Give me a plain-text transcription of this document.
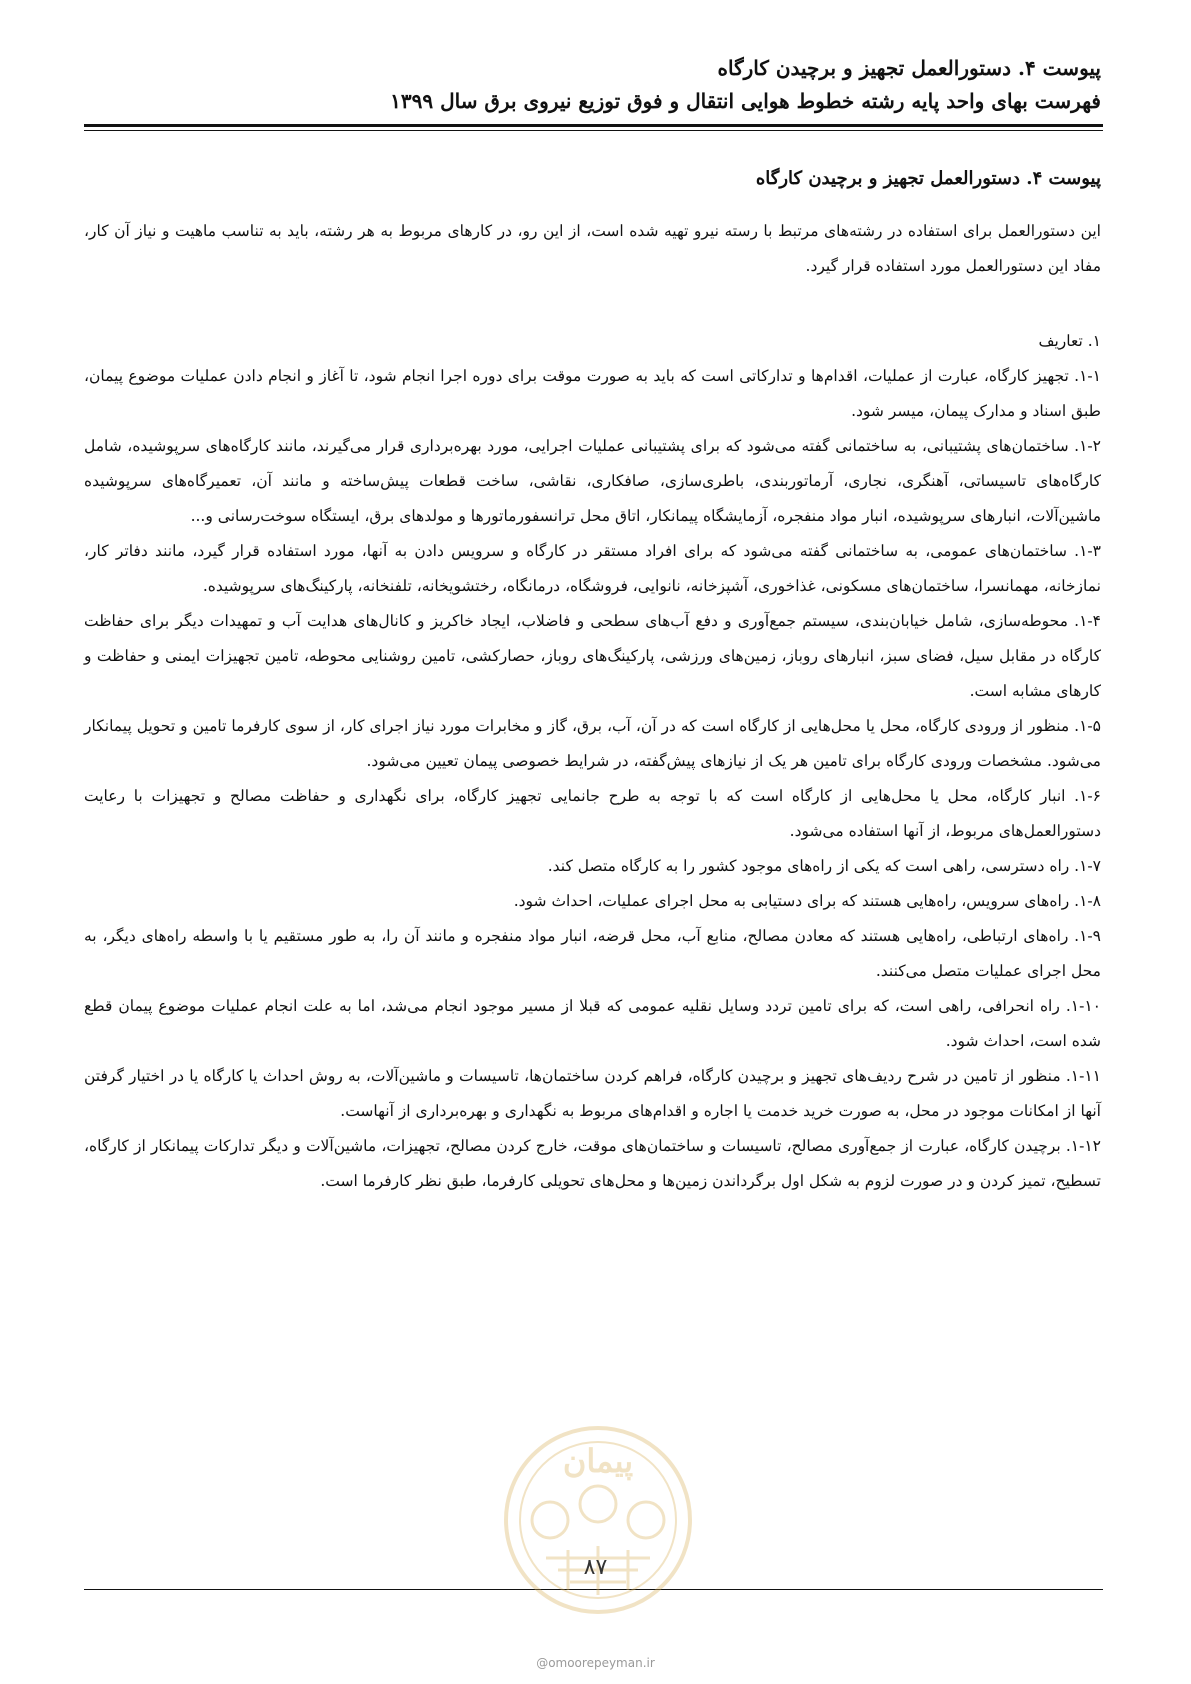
پیوست ۴. دستورالعمل تجهیز و برچیدن کارگاه
فهرست بهای واحد پایه رشته خطوط هوایی انتقال و فوق توزیع نیروی برق سال ۱۳۹۹
پیوست ۴. دستورالعمل تجهیز و برچیدن کارگاه

این دستورالعمل برای استفاده در رشته‌های مرتبط با رسته نیرو تهیه شده است، از این رو، در کارهای مربوط به هر رشته، باید به تناسب ماهیت و نیاز آن کار، مفاد این دستورالعمل مورد استفاده قرار گیرد.

۱. تعاریف

۱-۱. تجهیز کارگاه، عبارت از عملیات، اقدام‌ها و تدارکاتی است که باید به صورت موقت برای دوره اجرا انجام شود، تا آغاز و انجام دادن عملیات موضوع پیمان، طبق اسناد و مدارک پیمان، میسر شود.

۱-۲. ساختمان‌های پشتیبانی، به ساختمانی گفته می‌شود که برای پشتیبانی عملیات اجرایی، مورد بهره‌برداری قرار می‌گیرند، مانند کارگاه‌های سرپوشیده، شامل کارگاه‌های تاسیساتی، آهنگری، نجاری، آرماتوربندی، باطری‌سازی، صافکاری، نقاشی، ساخت قطعات پیش‌ساخته و مانند آن، تعمیرگاه‌های سرپوشیده ماشین‌آلات، انبارهای سرپوشیده، انبار مواد منفجره، آزمایشگاه پیمانکار، اتاق محل ترانسفورماتورها و مولدهای برق، ایستگاه سوخت‌رسانی و...

۱-۳. ساختمان‌های عمومی، به ساختمانی گفته می‌شود که برای افراد مستقر در کارگاه و سرویس دادن به آنها، مورد استفاده قرار گیرد، مانند دفاتر کار، نمازخانه، مهمانسرا، ساختمان‌های مسکونی، غذاخوری، آشپزخانه، نانوایی، فروشگاه، درمانگاه، رختشویخانه، تلفنخانه، پارکینگ‌های سرپوشیده.

۱-۴. محوطه‌سازی، شامل خیابان‌بندی، سیستم جمع‌آوری و دفع آب‌های سطحی و فاضلاب، ایجاد خاکریز و کانال‌های هدایت آب و تمهیدات دیگر برای حفاظت کارگاه در مقابل سیل، فضای سبز، انبارهای روباز، زمین‌های ورزشی، پارکینگ‌های روباز، حصارکشی، تامین روشنایی محوطه، تامین تجهیزات ایمنی و حفاظت و کارهای مشابه است.

۱-۵. منظور از ورودی کارگاه، محل یا محل‌هایی از کارگاه است که در آن، آب، برق، گاز و مخابرات مورد نیاز اجرای کار، از سوی کارفرما تامین و تحویل پیمانکار می‌شود. مشخصات ورودی کارگاه برای تامین هر یک از نیازهای پیش‌گفته، در شرایط خصوصی پیمان تعیین می‌شود.

۱-۶. انبار کارگاه، محل یا محل‌هایی از کارگاه است که با توجه به طرح جانمایی تجهیز کارگاه، برای نگهداری و حفاظت مصالح و تجهیزات با رعایت دستورالعمل‌های مربوط، از آنها استفاده می‌شود.

۱-۷. راه دسترسی، راهی است که یکی از راه‌های موجود کشور را به کارگاه متصل کند.

۱-۸. راه‌های سرویس، راه‌هایی هستند که برای دستیابی به محل اجرای عملیات، احداث شود.

۱-۹. راه‌های ارتباطی، راه‌هایی هستند که معادن مصالح، منابع آب، محل قرضه، انبار مواد منفجره و مانند آن را، به طور مستقیم یا با واسطه راه‌های دیگر، به محل اجرای عملیات متصل می‌کنند.

۱-۱۰. راه انحرافی، راهی است، که برای تامین تردد وسایل نقلیه عمومی که قبلا از مسیر موجود انجام می‌شد، اما به علت انجام عملیات موضوع پیمان قطع شده است، احداث شود.

۱-۱۱. منظور از تامین در شرح ردیف‌های تجهیز و برچیدن کارگاه، فراهم کردن ساختمان‌ها، تاسیسات و ماشین‌آلات، به روش احداث یا کارگاه یا در اختیار گرفتن آنها از امکانات موجود در محل، به صورت خرید خدمت یا اجاره و اقدام‌های مربوط به نگهداری و بهره‌برداری از آنهاست.

۱-۱۲. برچیدن کارگاه، عبارت از جمع‌آوری مصالح، تاسیسات و ساختمان‌های موقت، خارج کردن مصالح، تجهیزات، ماشین‌آلات و دیگر تدارکات پیمانکار از کارگاه، تسطیح، تمیز کردن و در صورت لزوم به شکل اول برگرداندن زمین‌ها و محل‌های تحویلی کارفرما، طبق نظر کارفرما است.

پیمان
۸۷
@omoorepeyman.ir
